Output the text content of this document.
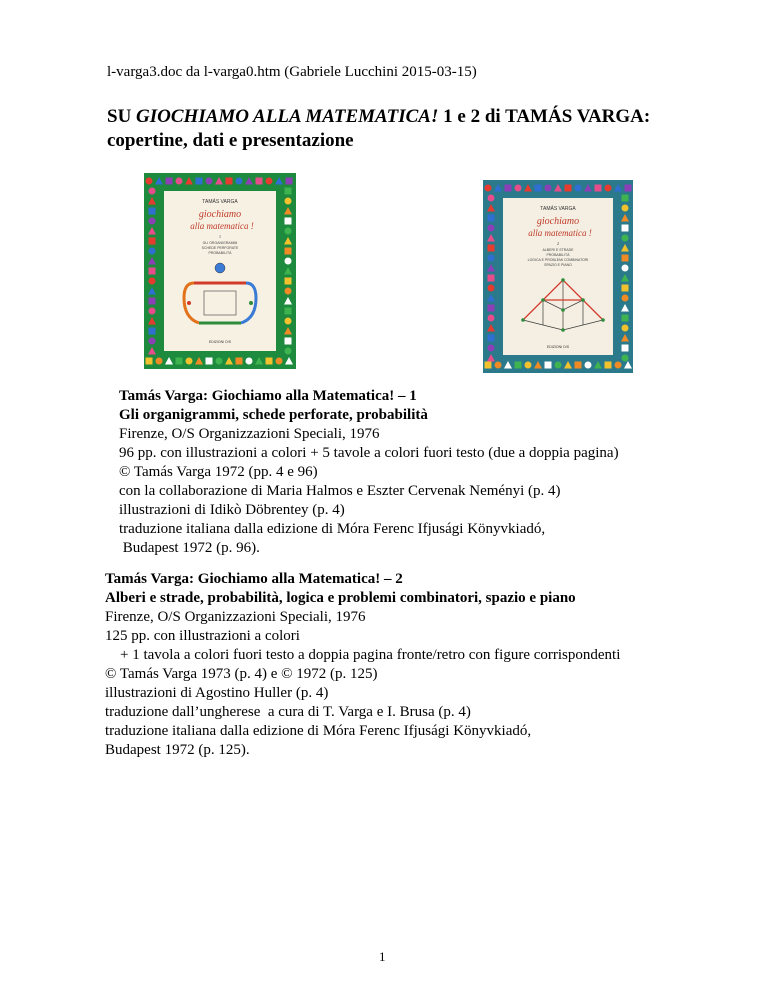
l-varga3.doc da l-varga0.htm (Gabriele Lucchini 2015-03-15)
SU GIOCHIAMO ALLA MATEMATICA! 1 e 2 di TAMÁS VARGA:
copertine, dati e presentazione
TAMÁS VARGA
giochiamo
alla matematica !
1
GLI ORGANIGRAMMI
SCHEDE PERFORATE
PROBABILITÀ
EDIZIONI O/S
TAMÁS VARGA
giochiamo
alla matematica !
2
ALBERI E STRADE
PROBABILITÀ
LOGICA E PROBLEMI COMBINATORI
SPAZIO E PIANO
EDIZIONI O/S
Tamás Varga: Giochiamo alla Matematica! – 1
Gli organigrammi, schede perforate, probabilità
Firenze, O/S Organizzazioni Speciali, 1976
96 pp. con illustrazioni a colori + 5 tavole a colori fuori testo (due a doppia pagina)
© Tamás Varga 1972 (pp. 4 e 96)
con la collaborazione di Maria Halmos e Eszter Cervenak Neményi (p. 4)
illustrazioni di Idikò Döbrentey (p. 4)
traduzione italiana dalla edizione di Móra Ferenc Ifjusági Könyvkiadó,
Budapest 1972 (p. 96).
Tamás Varga: Giochiamo alla Matematica! – 2
Alberi e strade, probabilità, logica e problemi combinatori, spazio e piano
Firenze, O/S Organizzazioni Speciali, 1976
125 pp. con illustrazioni a colori
+ 1 tavola a colori fuori testo a doppia pagina fronte/retro con figure corrispondenti
© Tamás Varga 1973 (p. 4) e © 1972 (p. 125)
illustrazioni di Agostino Huller (p. 4)
traduzione dall’ungherese  a cura di T. Varga e I. Brusa (p. 4)
traduzione italiana dalla edizione di Móra Ferenc Ifjusági Könyvkiadó,
Budapest 1972 (p. 125).
1
